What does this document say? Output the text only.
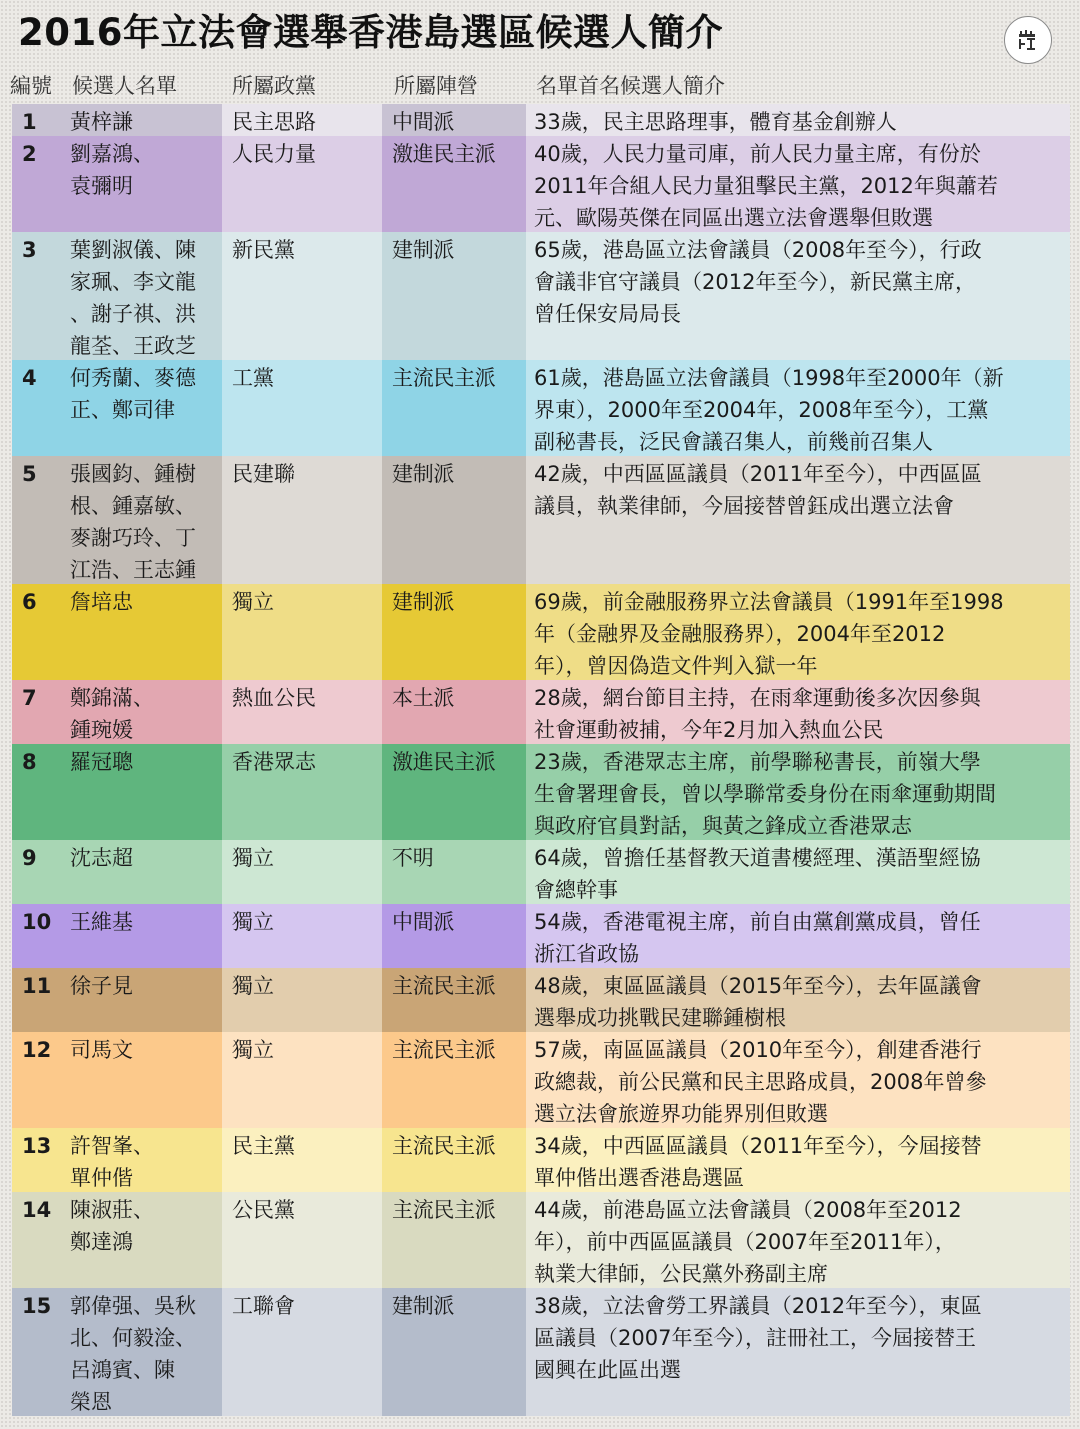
2016年立法會選舉香港島選區候選人簡介
編號 候選人名單	所屬政黨	所屬陣營	名單首名候選人簡介
1	黃梓謙	民主思路	中間派	33歲，民主思路理事，體育基金創辦人
2	劉嘉鴻、
袁彌明
人民力量	激進民主派	40歲，人民力量司庫，前人民力量主席，有份於
2011年合組人民力量狙擊民主黨，2012年與蕭若
元、歐陽英傑在同區出選立法會選舉但敗選
3	葉劉淑儀、陳
家珮、李文龍
、謝子祺、洪
龍荃、王政芝
新民黨	建制派	65歲，港島區立法會議員（2008年至今），行政
會議非官守議員（2012年至今），新民黨主席，
曾任保安局局長
4	何秀蘭、麥德
正、鄭司律
工黨	主流民主派	61歲，港島區立法會議員（1998年至2000年（新
界東），2000年至2004年，2008年至今），工黨
副秘書長，泛民會議召集人，前幾前召集人
5	張國鈞、鍾樹
根、鍾嘉敏、
麥謝巧玲、丁
江浩、王志鍾
民建聯	建制派	42歲，中西區區議員（2011年至今），中西區區
議員，執業律師，今屆接替曾鈺成出選立法會
6	詹培忠	獨立	建制派	69歲，前金融服務界立法會議員（1991年至1998
年（金融界及金融服務界），2004年至2012
年），曾因偽造文件判入獄一年
7	鄭錦滿、
鍾琬媛
熱血公民	本土派	28歲，網台節目主持，在雨傘運動後多次因參與
社會運動被捕，今年2月加入熱血公民
8	羅冠聰	香港眾志	激進民主派	23歲，香港眾志主席，前學聯秘書長，前嶺大學
生會署理會長，曾以學聯常委身份在雨傘運動期間
與政府官員對話，與黃之鋒成立香港眾志
9	沈志超	獨立	不明	64歲，曾擔任基督教天道書樓經理、漢語聖經協
會總幹事
10 王維基	獨立	中間派	54歲，香港電視主席，前自由黨創黨成員，曾任
浙江省政協
11 徐子見	獨立	主流民主派	48歲，東區區議員（2015年至今），去年區議會
選舉成功挑戰民建聯鍾樹根
12 司馬文	獨立	主流民主派	57歲，南區區議員（2010年至今），創建香港行
政總裁，前公民黨和民主思路成員，2008年曾參
選立法會旅遊界功能界別但敗選
13 許智峯、
單仲偕
民主黨	主流民主派	34歲，中西區區議員（2011年至今），今屆接替
單仲偕出選香港島選區
14 陳淑莊、
鄭達鴻
公民黨	主流民主派	44歲，前港島區立法會議員（2008年至2012
年），前中西區區議員（2007年至2011年），
執業大律師，公民黨外務副主席
15 郭偉强、吳秋
北、何毅淦、
呂鴻賓、陳
榮恩
工聯會	建制派	38歲，立法會勞工界議員（2012年至今），東區
區議員（2007年至今），註冊社工，今屆接替王
國興在此區出選
